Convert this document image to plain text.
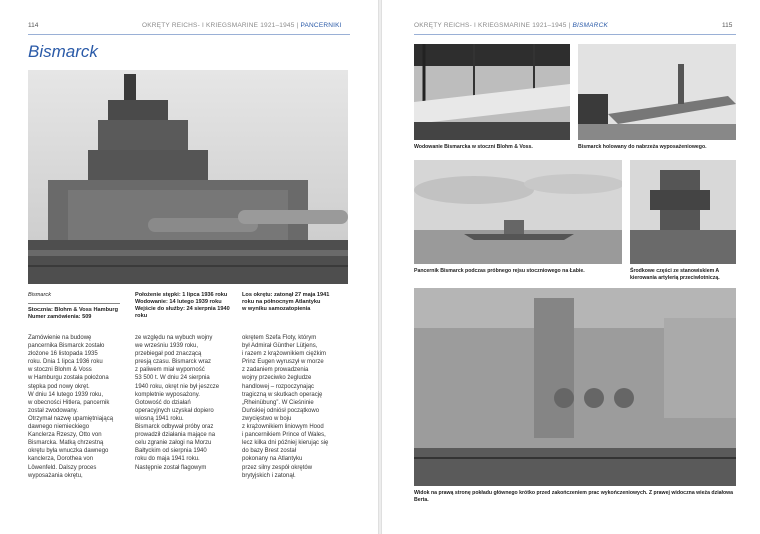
114	OKRĘTY REICHS- I KRIEGSMARINE 1921–1945 | PANCERNIKI
Bismarck
Bismarck
Stocznia: Blohm & Voss Hamburg
Numer zamówienia: 509
Położenie stępki: 1 lipca 1936 roku
Wodowanie: 14 lutego 1939 roku
Wejście do służby: 24 sierpnia 1940
roku
Los okrętu: zatonął 27 maja 1941
roku na północnym Atlantyku
w wyniku samozatopienia
Zamówienie na budowę
pancernika Bismarck zostało
złożone 16 listopada 1935
roku. Dnia 1 lipca 1936 roku
w stoczni Blohm & Voss
w Hamburgu została położona
stępka pod nowy okręt.
W dniu 14 lutego 1939 roku,
w obecności Hitlera, pancernik
został zwodowany.
Otrzymał nazwę upamiętniającą
dawnego niemieckiego
Kanclerza Rzeszy, Otto von
Bismarcka. Matką chrzestną
okrętu była wnuczka dawnego
kanclerza, Dorothea von
Löwenfeld. Dalszy proces
wyposażania okrętu,
ze względu na wybuch wojny
we wrześniu 1939 roku,
przebiegał pod znaczącą
presją czasu. Bismarck wraz
z paliwem miał wyporność
53 500 t. W dniu 24 sierpnia
1940 roku, okręt nie był jeszcze
kompletnie wyposażony.
Gotowość do działań
operacyjnych uzyskał dopiero
wiosną 1941 roku.
Bismarck odbywał próby oraz
prowadził działania mające na
celu zgranie załogi na Morzu
Bałtyckim od sierpnia 1940
roku do maja 1941 roku.
Następnie został flagowym
okrętem Szefa Floty, którym
był Admirał Günther Lütjens,
i razem z krążownikiem ciężkim
Prinz Eugen wyruszył w morze
z zadaniem prowadzenia
wojny przeciwko żegludze
handlowej – rozpoczynając
tragiczną w skutkach operację
„Rheinübung”. W Cieśninie
Duńskiej odniósł początkowo
zwycięstwo w boju
z krążownikiem liniowym Hood
i pancernikiem Prince of Wales,
lecz kilka dni później kierując się
do bazy Brest został
pokonany na Atlantyku
przez silny zespół okrętów
brytyjskich i zatonął.
OKRĘTY REICHS- I KRIEGSMARINE 1921–1945 | BISMARCK	115
Wodowanie Bismarcka w stoczni Blohm & Voss.	Bismarck holowany do nabrzeża wyposażeniowego.
Pancernik Bismarck podczas próbnego rejsu stoczniowego na Łabie.	Środkowe części ze stanowiskiem A kierowania artylerią przeciwlotniczą.
Widok na prawą stronę pokładu głównego krótko przed zakończeniem prac wykończeniowych. Z prawej widoczna wieża działowa Berta.
